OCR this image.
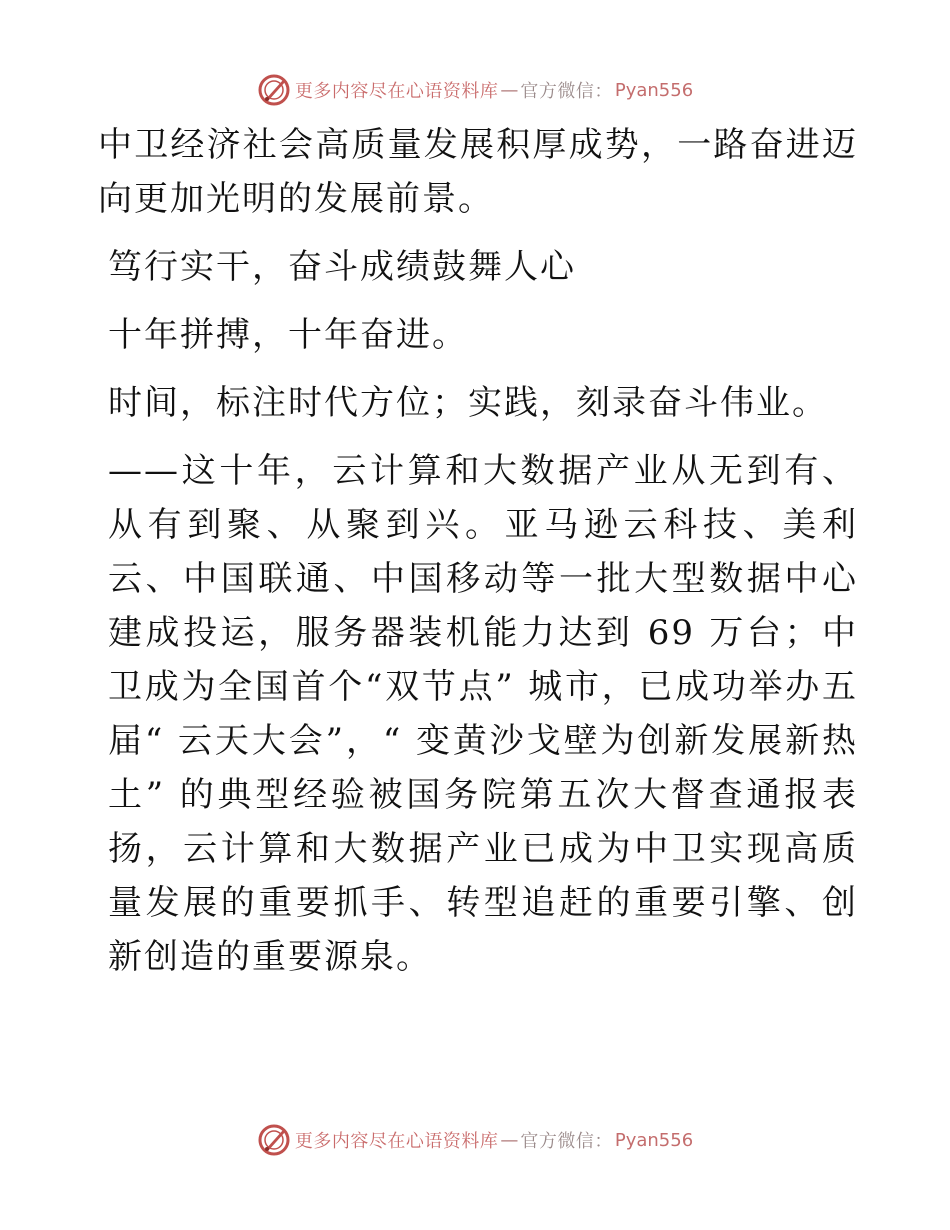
更多内容尽在心语资料库 — 官方微信： Pyan556

中卫经济社会高质量发展积厚成势，一路奋进迈向更加光明的发展前景。

笃行实干，奋斗成绩鼓舞人心

十年拼搏，十年奋进。

时间，标注时代方位；实践，刻录奋斗伟业。

——这十年，云计算和大数据产业从无到有、从有到聚、从聚到兴。亚马逊云科技、美利云、中国联通、中国移动等一批大型数据中心建成投运，服务器装机能力达到 69 万台；中卫成为全国首个“双节点” 城市，已成功举办五届“ 云天大会”，“ 变黄沙戈壁为创新发展新热土” 的典型经验被国务院第五次大督查通报表扬，云计算和大数据产业已成为中卫实现高质量发展的重要抓手、转型追赶的重要引擎、创新创造的重要源泉。

更多内容尽在心语资料库 — 官方微信： Pyan556
